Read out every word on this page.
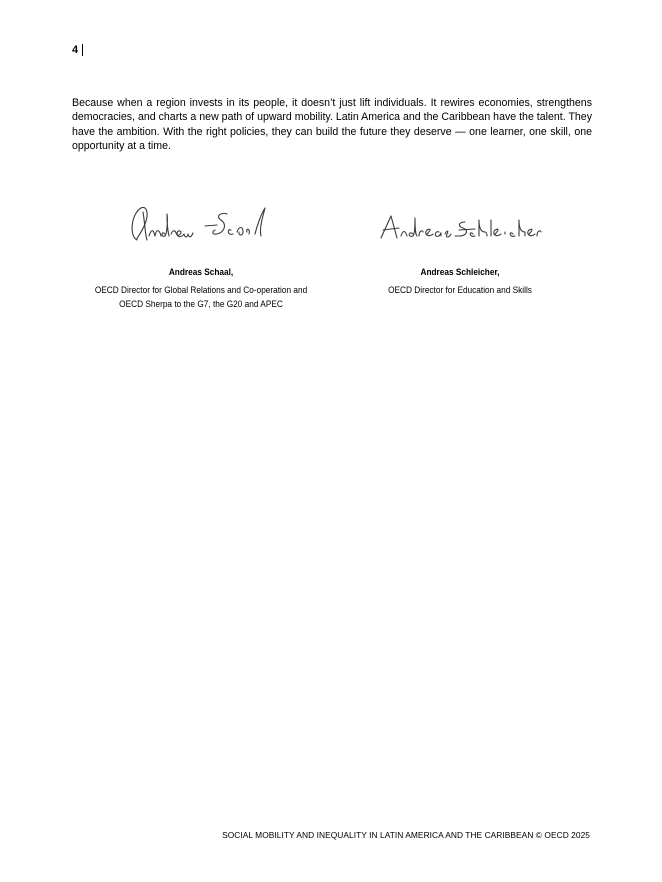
4

Because when a region invests in its people, it doesn’t just lift individuals. It rewires economies, strengthens democracies, and charts a new path of upward mobility. Latin America and the Caribbean have the talent. They have the ambition. With the right policies, they can build the future they deserve — one learner, one skill, one opportunity at a time.

Andreas Schaal,
OECD Director for Global Relations and Co-operation and OECD Sherpa to the G7, the G20 and APEC
Andreas Schleicher,
OECD Director for Education and Skills
SOCIAL MOBILITY AND INEQUALITY IN LATIN AMERICA AND THE CARIBBEAN © OECD 2025
